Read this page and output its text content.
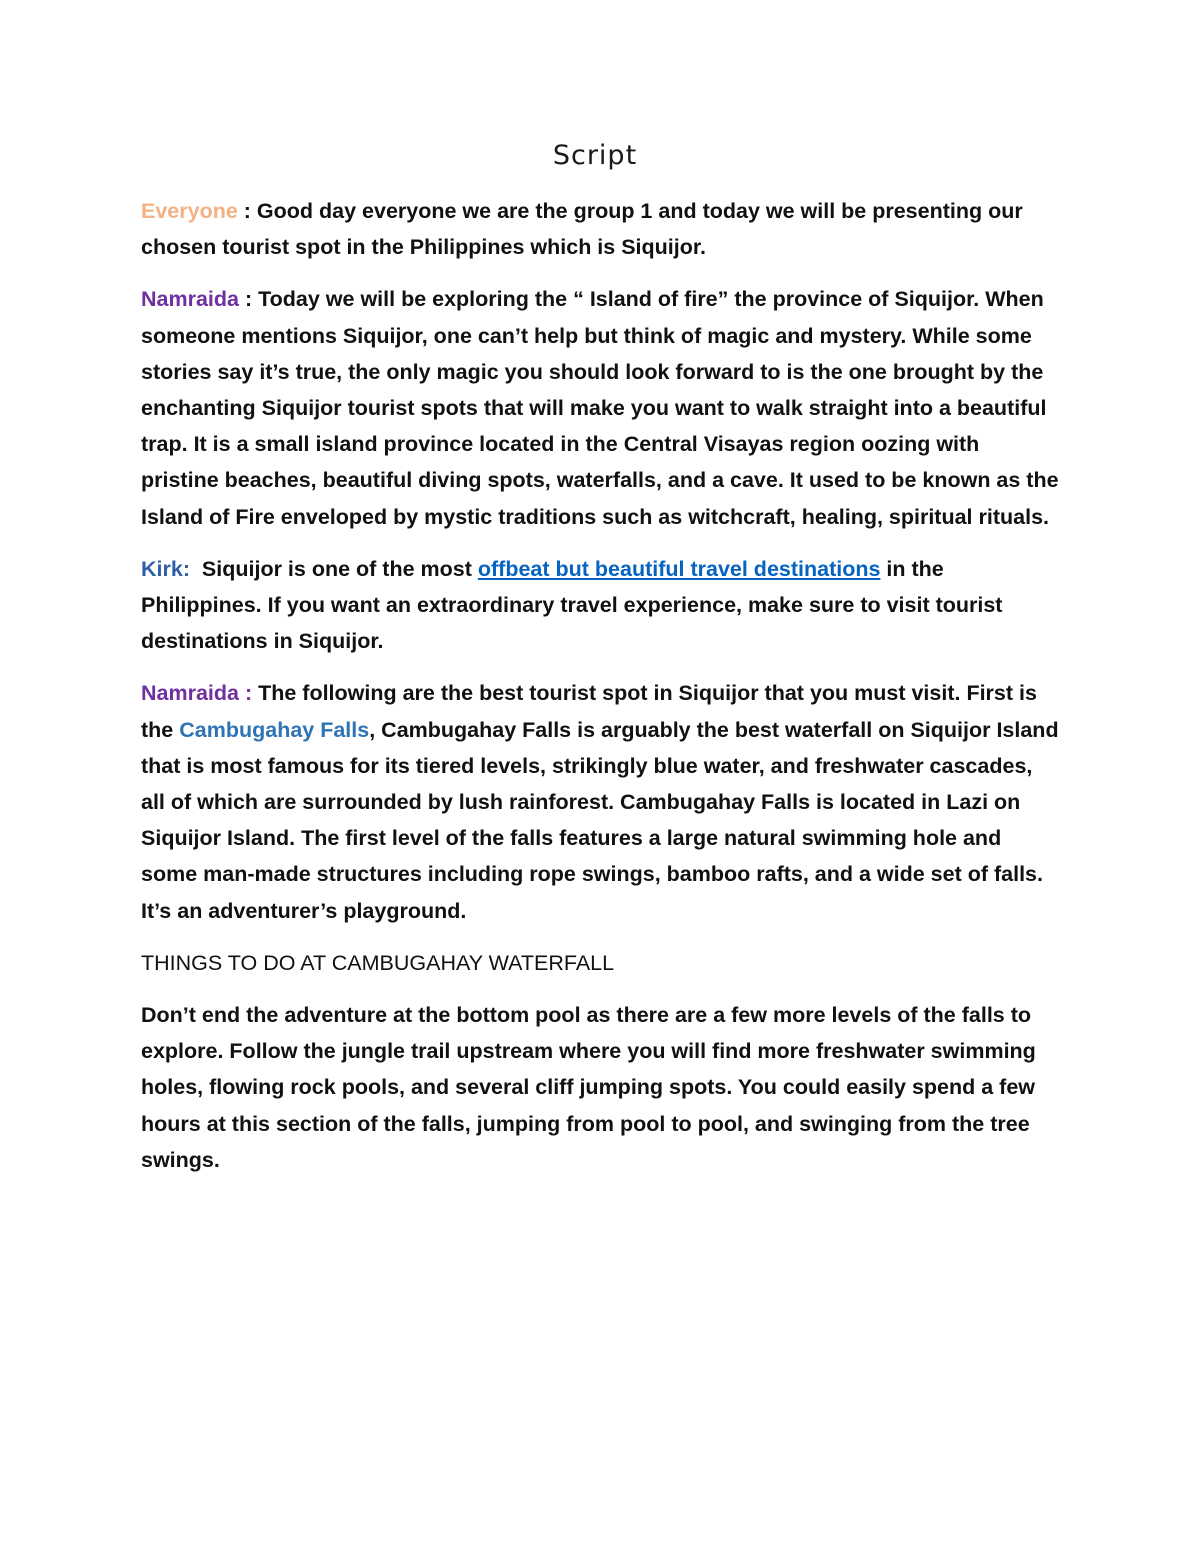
Script

Everyone : Good day everyone we are the group 1 and today we will be presenting our chosen tourist spot in the Philippines which is Siquijor.

Namraida : Today we will be exploring the “ Island of fire” the province of Siquijor. When someone mentions Siquijor, one can’t help but think of magic and mystery. While some stories say it’s true, the only magic you should look forward to is the one brought by the enchanting Siquijor tourist spots that will make you want to walk straight into a beautiful trap. It is a small island province located in the Central Visayas region oozing with pristine beaches, beautiful diving spots, waterfalls, and a cave. It used to be known as the Island of Fire enveloped by mystic traditions such as witchcraft, healing, spiritual rituals.

Kirk:  Siquijor is one of the most offbeat but beautiful travel destinations in the Philippines. If you want an extraordinary travel experience, make sure to visit tourist destinations in Siquijor.

Namraida : The following are the best tourist spot in Siquijor that you must visit. First is the Cambugahay Falls, Cambugahay Falls is arguably the best waterfall on Siquijor Island that is most famous for its tiered levels, strikingly blue water, and freshwater cascades, all of which are surrounded by lush rainforest. Cambugahay Falls is located in Lazi on Siquijor Island. The first level of the falls features a large natural swimming hole and some man-made structures including rope swings, bamboo rafts, and a wide set of falls. It’s an adventurer’s playground.

THINGS TO DO AT CAMBUGAHAY WATERFALL

Don’t end the adventure at the bottom pool as there are a few more levels of the falls to explore. Follow the jungle trail upstream where you will find more freshwater swimming holes, flowing rock pools, and several cliff jumping spots. You could easily spend a few hours at this section of the falls, jumping from pool to pool, and swinging from the tree swings.
